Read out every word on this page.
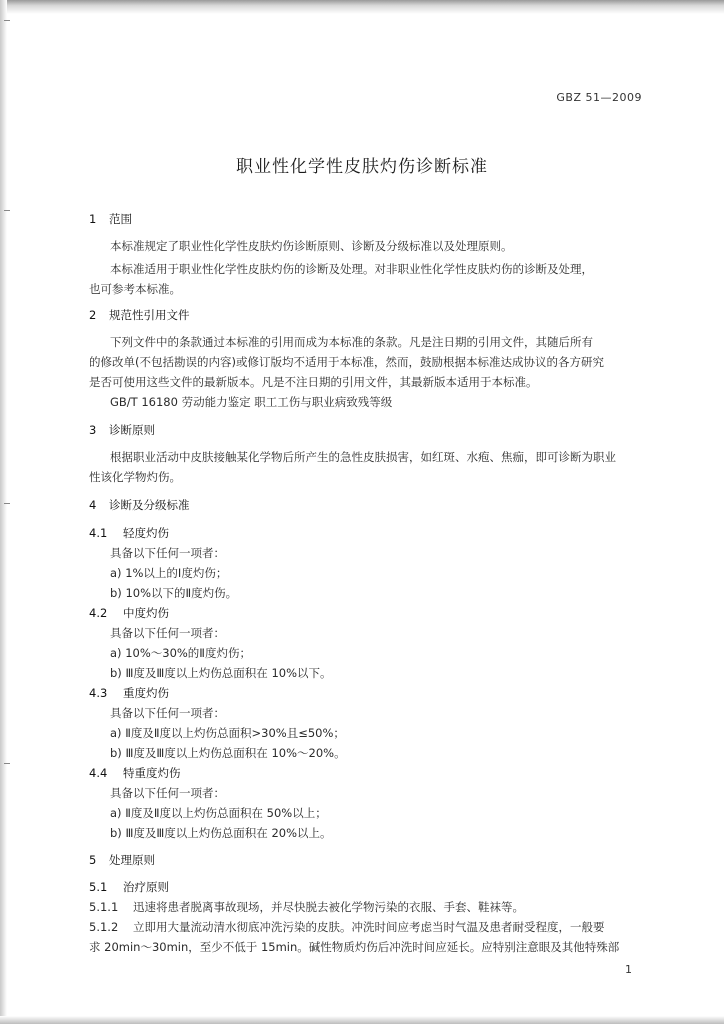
GBZ 51—2009
职业性化学性皮肤灼伤诊断标准
1 范围
本标准规定了职业性化学性皮肤灼伤诊断原则、诊断及分级标准以及处理原则。
本标准适用于职业性化学性皮肤灼伤的诊断及处理。对非职业性化学性皮肤灼伤的诊断及处理，
也可参考本标准。
2 规范性引用文件
下列文件中的条款通过本标准的引用而成为本标准的条款。凡是注日期的引用文件，其随后所有
的修改单(不包括勘误的内容)或修订版均不适用于本标准，然而，鼓励根据本标准达成协议的各方研究
是否可使用这些文件的最新版本。凡是不注日期的引用文件，其最新版本适用于本标准。
GB/T 16180 劳动能力鉴定 职工工伤与职业病致残等级
3 诊断原则
根据职业活动中皮肤接触某化学物后所产生的急性皮肤损害，如红斑、水疱、焦痂，即可诊断为职业
性该化学物灼伤。
4 诊断及分级标准
4.1 轻度灼伤
具备以下任何一项者：
a) 1%以上的Ⅰ度灼伤；
b) 10%以下的Ⅱ度灼伤。
4.2 中度灼伤
具备以下任何一项者：
a) 10%～30%的Ⅱ度灼伤；
b) Ⅲ度及Ⅲ度以上灼伤总面积在 10%以下。
4.3 重度灼伤
具备以下任何一项者：
a) Ⅱ度及Ⅱ度以上灼伤总面积>30%且≤50%；
b) Ⅲ度及Ⅲ度以上灼伤总面积在 10%～20%。
4.4 特重度灼伤
具备以下任何一项者：
a) Ⅱ度及Ⅱ度以上灼伤总面积在 50%以上；
b) Ⅲ度及Ⅲ度以上灼伤总面积在 20%以上。
5 处理原则
5.1 治疗原则
5.1.1 迅速将患者脱离事故现场，并尽快脱去被化学物污染的衣服、手套、鞋袜等。
5.1.2 立即用大量流动清水彻底冲洗污染的皮肤。冲洗时间应考虑当时气温及患者耐受程度，一般要
求 20min～30min，至少不低于 15min。碱性物质灼伤后冲洗时间应延长。应特别注意眼及其他特殊部
1
